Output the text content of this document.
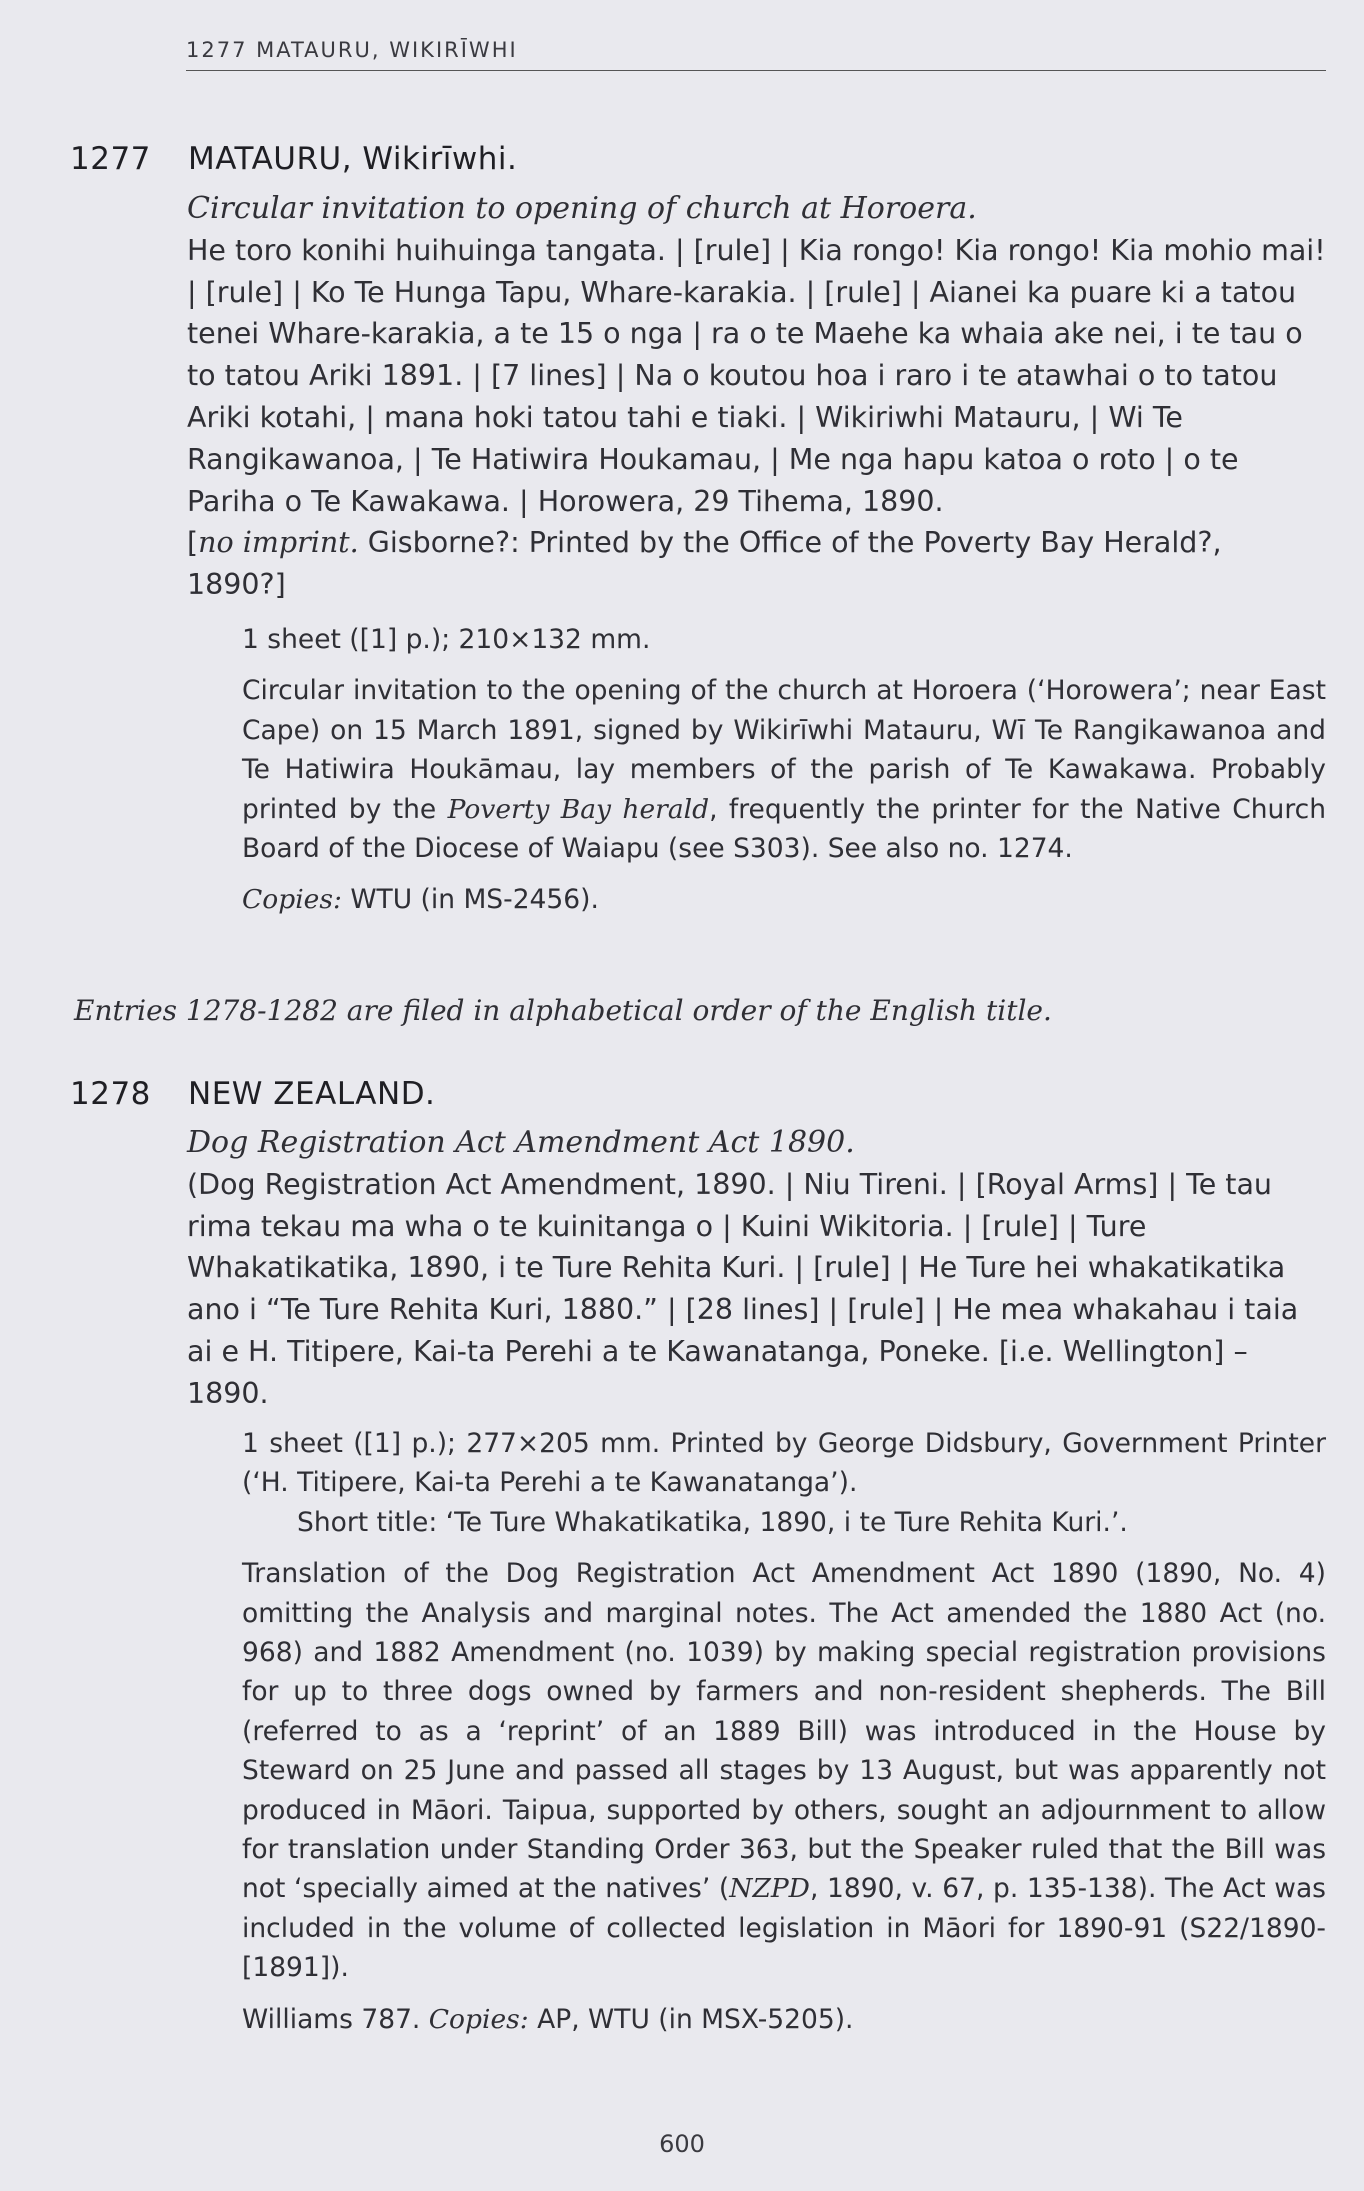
1277 MATAURU, WIKIRĪWHI
1277 MATAURU, Wikirīwhi.
Circular invitation to opening of church at Horoera.
He toro konihi huihuinga tangata. | [rule] | Kia rongo! Kia rongo! Kia mohio mai! | [rule] | Ko Te Hunga Tapu, Whare-karakia. | [rule] | Aianei ka puare ki a tatou tenei Whare-karakia, a te 15 o nga | ra o te Maehe ka whaia ake nei, i te tau o to tatou Ariki 1891. | [7 lines] | Na o koutou hoa i raro i te atawhai o to tatou Ariki kotahi, | mana hoki tatou tahi e tiaki. | Wikiriwhi Matauru, | Wi Te Rangikawanoa, | Te Hatiwira Houkamau, | Me nga hapu katoa o roto | o te Pariha o Te Kawakawa. | Horowera, 29 Tihema, 1890.
[no imprint. Gisborne?: Printed by the Office of the Poverty Bay Herald?, 1890?]

1 sheet ([1] p.); 210×132 mm.

Circular invitation to the opening of the church at Horoera (‘Horowera’; near East Cape) on 15 March 1891, signed by Wikirīwhi Matauru, Wī Te Rangikawanoa and Te Hatiwira Houkāmau, lay members of the parish of Te Kawakawa. Probably printed by the Poverty Bay herald, frequently the printer for the Native Church Board of the Diocese of Waiapu (see S303). See also no. 1274.

Copies: WTU (in MS-2456).

Entries 1278-1282 are filed in alphabetical order of the English title.
1278 NEW ZEALAND.
Dog Registration Act Amendment Act 1890.
(Dog Registration Act Amendment, 1890. | Niu Tireni. | [Royal Arms] | Te tau rima tekau ma wha o te kuinitanga o | Kuini Wikitoria. | [rule] | Ture Whakatikatika, 1890, i te Ture Rehita Kuri. | [rule] | He Ture hei whakatikatika ano i “Te Ture Rehita Kuri, 1880.” | [28 lines] | [rule] | He mea whakahau i taia ai e H. Titipere, Kai-ta Perehi a te Kawanatanga, Poneke. [i.e. Wellington] –1890.

1 sheet ([1] p.); 277×205 mm. Printed by George Didsbury, Government Printer (‘H. Titipere, Kai-ta Perehi a te Kawanatanga’).

Short title: ‘Te Ture Whakatikatika, 1890, i te Ture Rehita Kuri.’.

Translation of the Dog Registration Act Amendment Act 1890 (1890, No. 4) omitting the Analysis and marginal notes. The Act amended the 1880 Act (no. 968) and 1882 Amendment (no. 1039) by making special registration provisions for up to three dogs owned by farmers and non-resident shepherds. The Bill (referred to as a ‘reprint’ of an 1889 Bill) was introduced in the House by Steward on 25 June and passed all stages by 13 August, but was apparently not produced in Māori. Taipua, supported by others, sought an adjournment to allow for translation under Standing Order 363, but the Speaker ruled that the Bill was not ‘specially aimed at the natives’ (NZPD, 1890, v. 67, p. 135-138). The Act was included in the volume of collected legislation in Māori for 1890-91 (S22/1890-[1891]).

Williams 787. Copies: AP, WTU (in MSX-5205).

600
